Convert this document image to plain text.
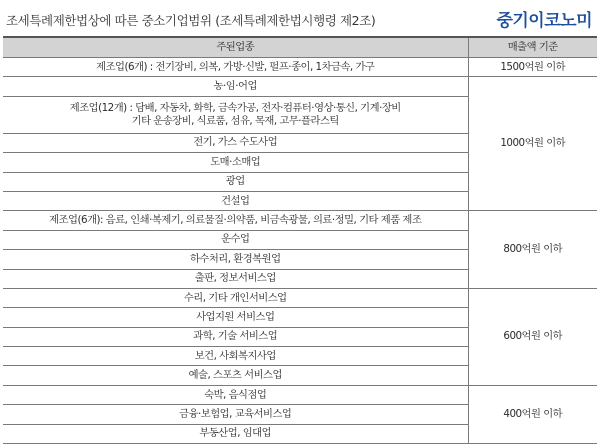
조세특례제한법상에 따른 중소기업범위 (조세특례제한법시행령 제2조)	중기이코노미
주된업종	매출액 기준
제조업(6개) : 전기장비, 의복, 가방·신발, 펄프·종이, 1차금속, 가구	1500억원 이하
농·임·어업	1000억원 이하

제조업(12개) : 담배, 자동차, 화학, 금속가공, 전자·컴퓨터·영상·통신, 기계·장비
기타 운송장비, 식료품, 섬유, 목재, 고무·플라스틱	

전기, 가스 수도사업	
도매·소매업	
광업	
건설업	
제조업(6개): 음료, 인쇄·복제기, 의료물질·의약품, 비금속광물, 의료·정밀, 기타 제품 제조	800억원 이하
운수업	
하수처리, 환경복원업	
출판, 정보서비스업	
수리, 기타 개인서비스업	600억원 이하
사업지원 서비스업	
과학, 기술 서비스업	
보건, 사회복지사업	
예술, 스포츠 서비스업	
숙박, 음식점업	400억원 이하
금융·보험업, 교육서비스업	
부동산업, 임대업	
